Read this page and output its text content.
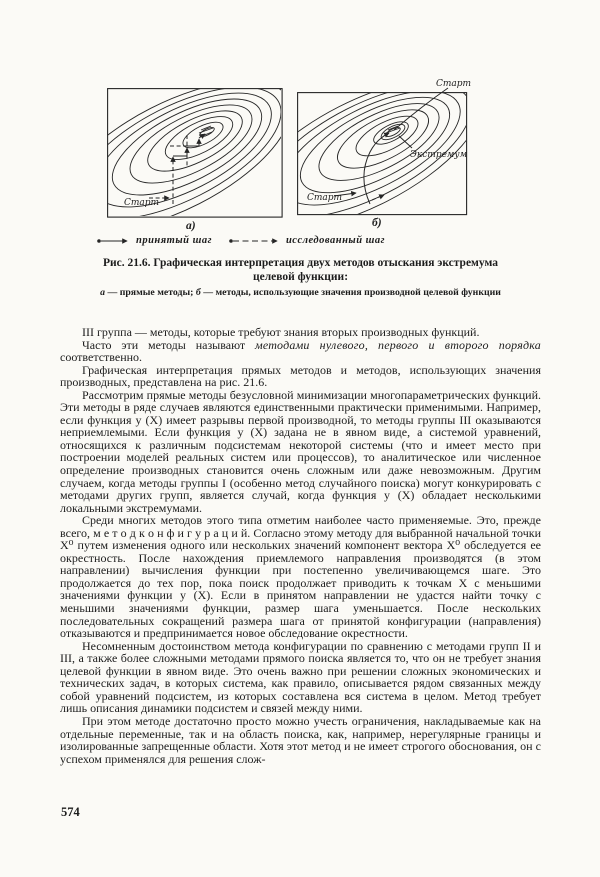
Старт
а)
Старт
Старт
Экстремум
б)
принятый шаг	исследованный шаг
Рис. 21.6. Графическая интерпретация двух методов отыскания экстремума
целевой функции:
а — прямые методы; б — методы, использующие значения производной целевой функции

III группа — методы, которые требуют знания вторых производных функций.

Часто эти методы называют методами нулевого, первого и второго порядка соответственно.

Графическая интерпретация прямых методов и методов, использующих значения производных, представлена на рис. 21.6.

Рассмотрим прямые методы безусловной минимизации многопараметрических функций. Эти методы в ряде случаев являются единственными практически применимыми. Например, если функция у (X) имеет разрывы первой производной, то методы группы III оказываются неприемлемыми. Если функция у (X) задана не в явном виде, а системой уравнений, относящихся к различным подсистемам некоторой системы (что и имеет место при построении моделей реальных систем или процессов), то аналитическое или численное определение производных становится очень сложным или даже невозможным. Другим случаем, когда методы группы I (особенно метод случайного поиска) могут конкурировать с методами других групп, является случай, когда функция у (X) обладает несколькими локальными экстремумами.

Среди многих методов этого типа отметим наиболее часто применяемые. Это, прежде всего, м е т о д к о н ф и г у р а ц и й. Согласно этому методу для выбранной начальной точки X⁰ путем изменения одного или нескольких значений компонент вектора X⁰ обследуется ее окрестность. После нахождения приемлемого направления производятся (в этом направлении) вычисления функции при постепенно увеличивающемся шаге. Это продолжается до тех пор, пока поиск продолжает приводить к точкам X с меньшими значениями функции у (X). Если в принятом направлении не удастся найти точку с меньшими значениями функции, размер шага уменьшается. После нескольких последовательных сокращений размера шага от принятой конфигурации (направления) отказываются и предпринимается новое обследование окрестности.

Несомненным достоинством метода конфигурации по сравнению с методами групп II и III, а также более сложными методами прямого поиска является то, что он не требует знания целевой функции в явном виде. Это очень важно при решении сложных экономических и технических задач, в которых система, как правило, описывается рядом связанных между собой уравнений подсистем, из которых составлена вся система в целом. Метод требует лишь описания динамики подсистем и связей между ними.

При этом методе достаточно просто можно учесть ограничения, накладываемые как на отдельные переменные, так и на область поиска, как, например, нерегулярные границы и изолированные запрещенные области. Хотя этот метод и не имеет строгого обоснования, он с успехом применялся для решения слож-

574
